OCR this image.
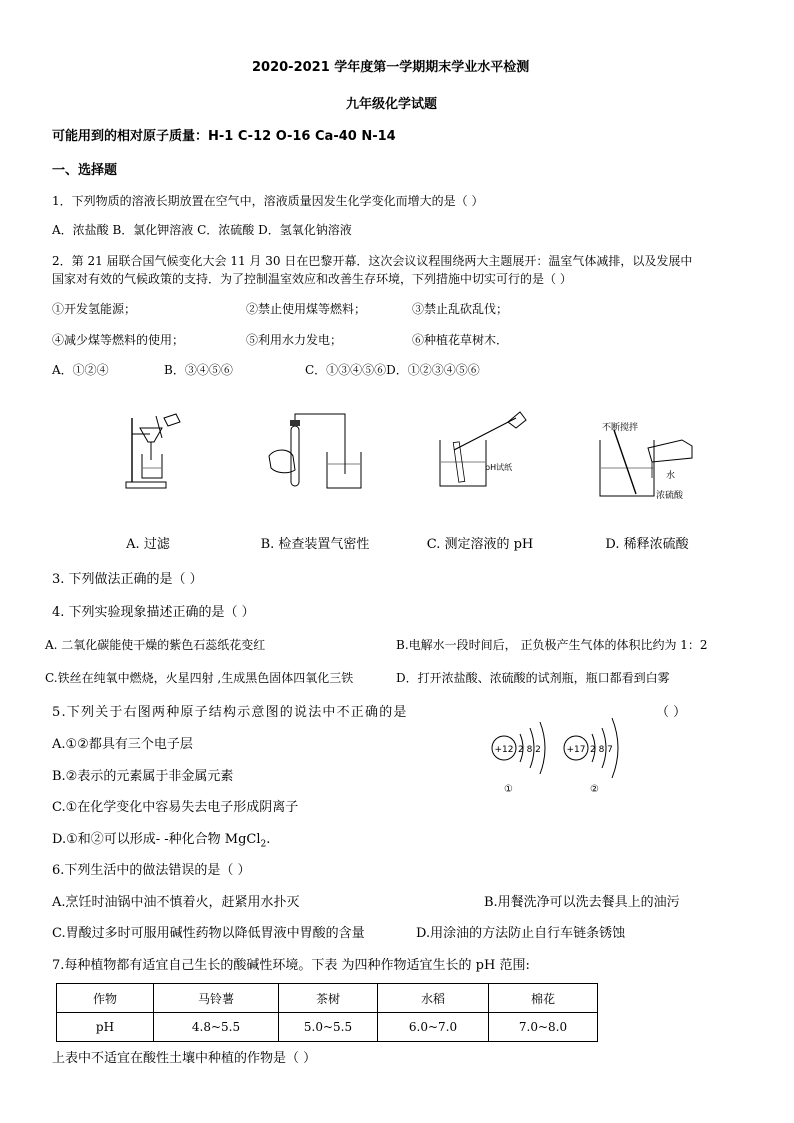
2020-2021 学年度第一学期期末学业水平检测
九年级化学试题
可能用到的相对原子质量：H-1 C-12 O-16 Ca-40 N-14
一、选择题
1．下列物质的溶液长期放置在空气中，溶液质量因发生化学变化而增大的是（ ）
A．浓盐酸 B．氯化钾溶液 C．浓硫酸 D．氢氧化钠溶液
2．第 21 届联合国气候变化大会 11 月 30 日在巴黎开幕．这次会议议程围绕两大主题展开：温室气体减排，以及发展中
国家对有效的气候政策的支持．为了控制温室效应和改善生存环境，下列措施中切实可行的是（ ）
①开发氢能源；	②禁止使用煤等燃料；	③禁止乱砍乱伐；
④减少煤等燃料的使用；	⑤利用水力发电；	⑥种植花草树木．
A．①②④	B．③④⑤⑥	C．①③④⑤⑥D．①②③④⑤⑥
pH试纸
不断搅拌
水
浓硫酸
A. 过滤	B. 检查装置气密性	C. 测定溶液的 pH	D. 稀释浓硫酸
3. 下列做法正确的是（ ）
4. 下列实验现象描述正确的是（ ）
A. 二氧化碳能使干燥的紫色石蕊纸花变红	B.电解水一段时间后， 正负极产生气体的体积比约为 1：2
C.铁丝在纯氧中燃烧，火星四射 ,生成黑色固体四氧化三铁	D．打开浓盐酸、浓硫酸的试剂瓶，瓶口都看到白雾
5.下列关于右图两种原子结构示意图的说法中不正确的是	（ ）
A.①②都具有三个电子层
B.②表示的元素属于非金属元素
C.①在化学变化中容易失去电子形成阴离子
D.①和②可以形成- -种化合物 MgCl$_2$.
+12 2 8 2
①
+17 2 8 7
②
6.下列生活中的做法错误的是（ ）
A.烹饪时油锅中油不慎着火，赶紧用水扑灭	B.用餐洗净可以洗去餐具上的油污
C.胃酸过多时可服用碱性药物以降低胃液中胃酸的含量	D.用涂油的方法防止自行车链条锈蚀
7.每种植物都有适宜自己生长的酸碱性环境。下表 为四种作物适宜生长的 pH 范围:
作物	马铃薯	茶树	水稻	棉花
pH	4.8~5.5	5.0~5.5	6.0~7.0	7.0~8.0
上表中不适宜在酸性土壤中种植的作物是（ ）
